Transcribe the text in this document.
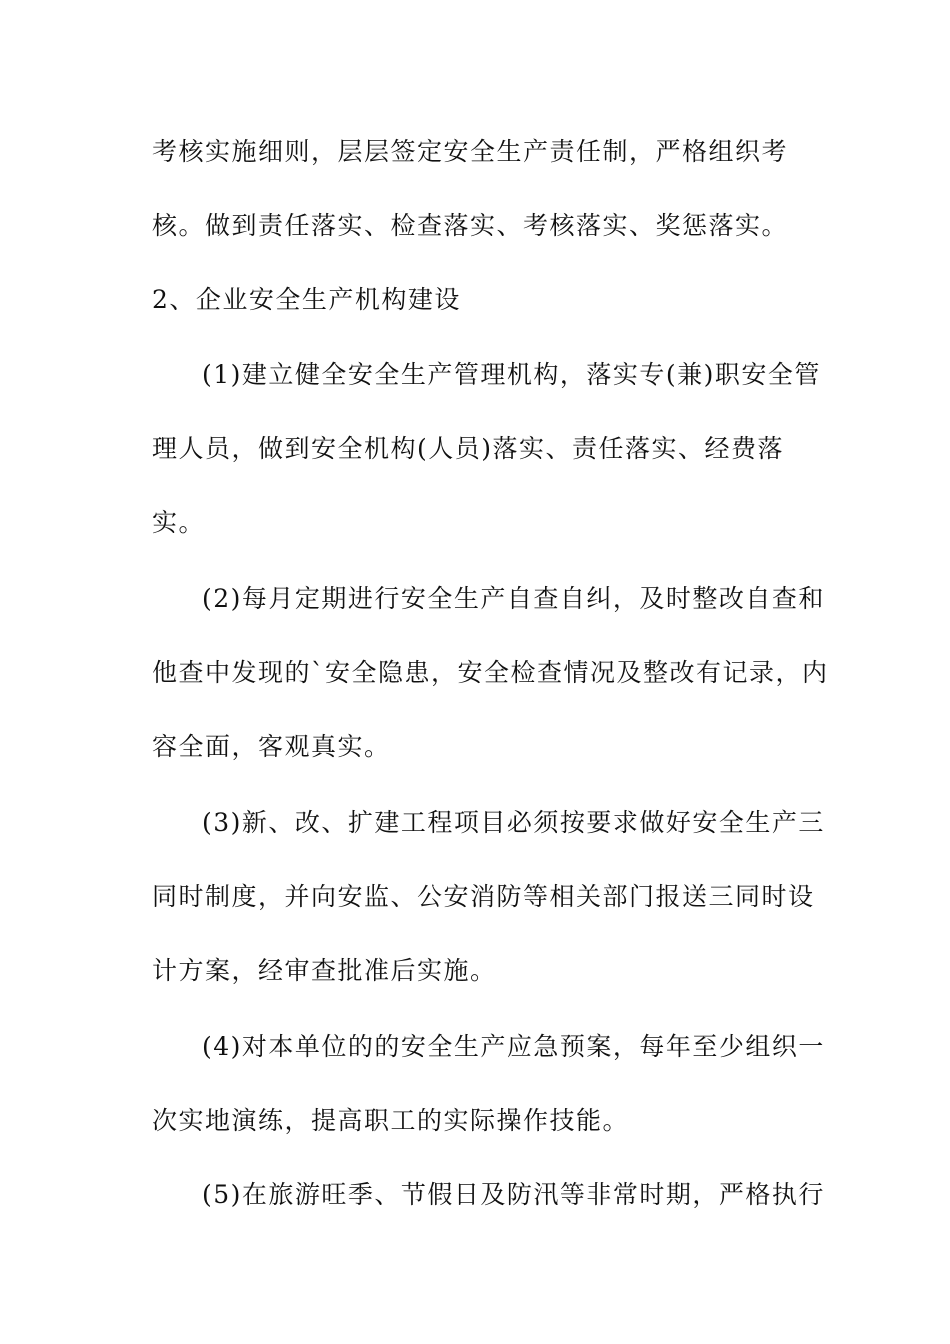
考核实施细则，层层签定安全生产责任制，严格组织考
核。做到责任落实、检查落实、考核落实、奖惩落实。
2、企业安全生产机构建设
(1)建立健全安全生产管理机构，落实专(兼)职安全管
理人员，做到安全机构(人员)落实、责任落实、经费落
实。
(2)每月定期进行安全生产自查自纠，及时整改自查和
他查中发现的`安全隐患，安全检查情况及整改有记录，内
容全面，客观真实。
(3)新、改、扩建工程项目必须按要求做好安全生产三
同时制度，并向安监、公安消防等相关部门报送三同时设
计方案，经审查批准后实施。
(4)对本单位的的安全生产应急预案，每年至少组织一
次实地演练，提高职工的实际操作技能。
(5)在旅游旺季、节假日及防汛等非常时期，严格执行
